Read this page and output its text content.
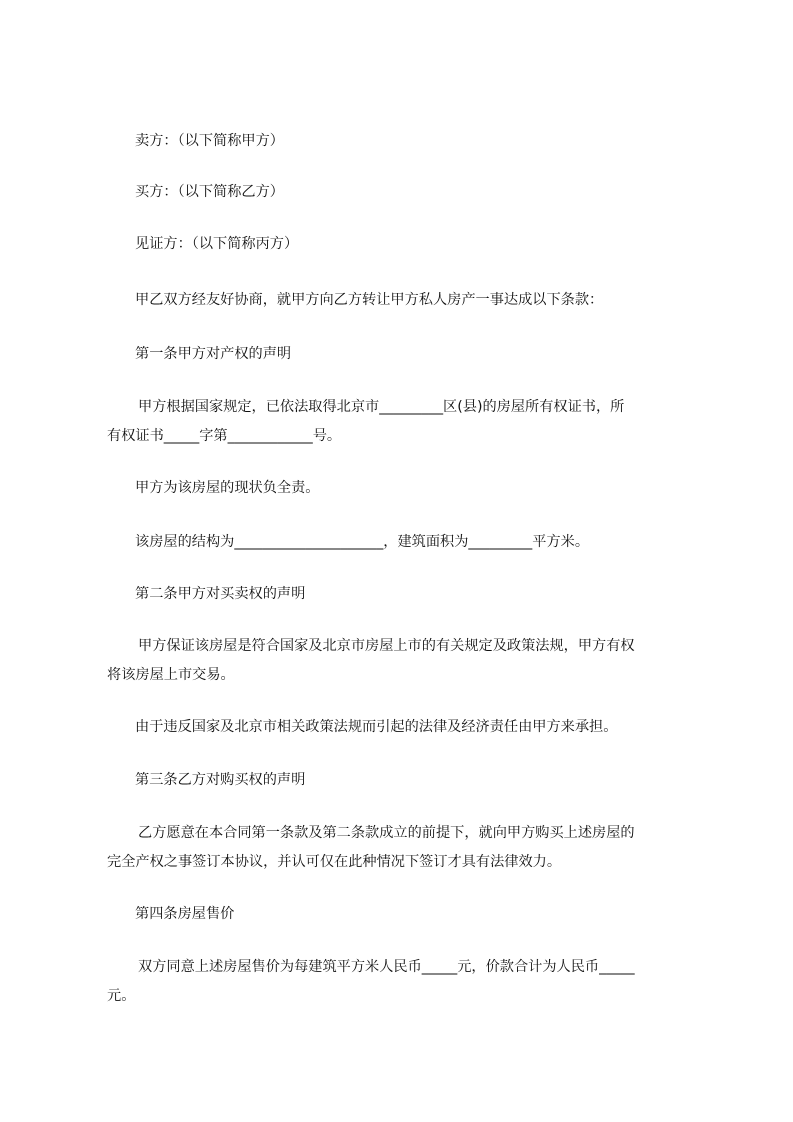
卖方：（以下简称甲方）

买方：（以下简称乙方）

见证方：（以下简称丙方）

甲乙双方经友好协商，就甲方向乙方转让甲方私人房产一事达成以下条款：

第一条甲方对产权的声明

甲方根据国家规定，已依法取得北京市_________区(县)的房屋所有权证书，所
有权证书_____字第____________号。

甲方为该房屋的现状负全责。

该房屋的结构为_____________________，建筑面积为_________平方米。

第二条甲方对买卖权的声明

甲方保证该房屋是符合国家及北京市房屋上市的有关规定及政策法规，甲方有权
将该房屋上市交易。

由于违反国家及北京市相关政策法规而引起的法律及经济责任由甲方来承担。

第三条乙方对购买权的声明

乙方愿意在本合同第一条款及第二条款成立的前提下，就向甲方购买上述房屋的
完全产权之事签订本协议，并认可仅在此种情况下签订才具有法律效力。

第四条房屋售价

双方同意上述房屋售价为每建筑平方米人民币_____元，价款合计为人民币_____
元。
